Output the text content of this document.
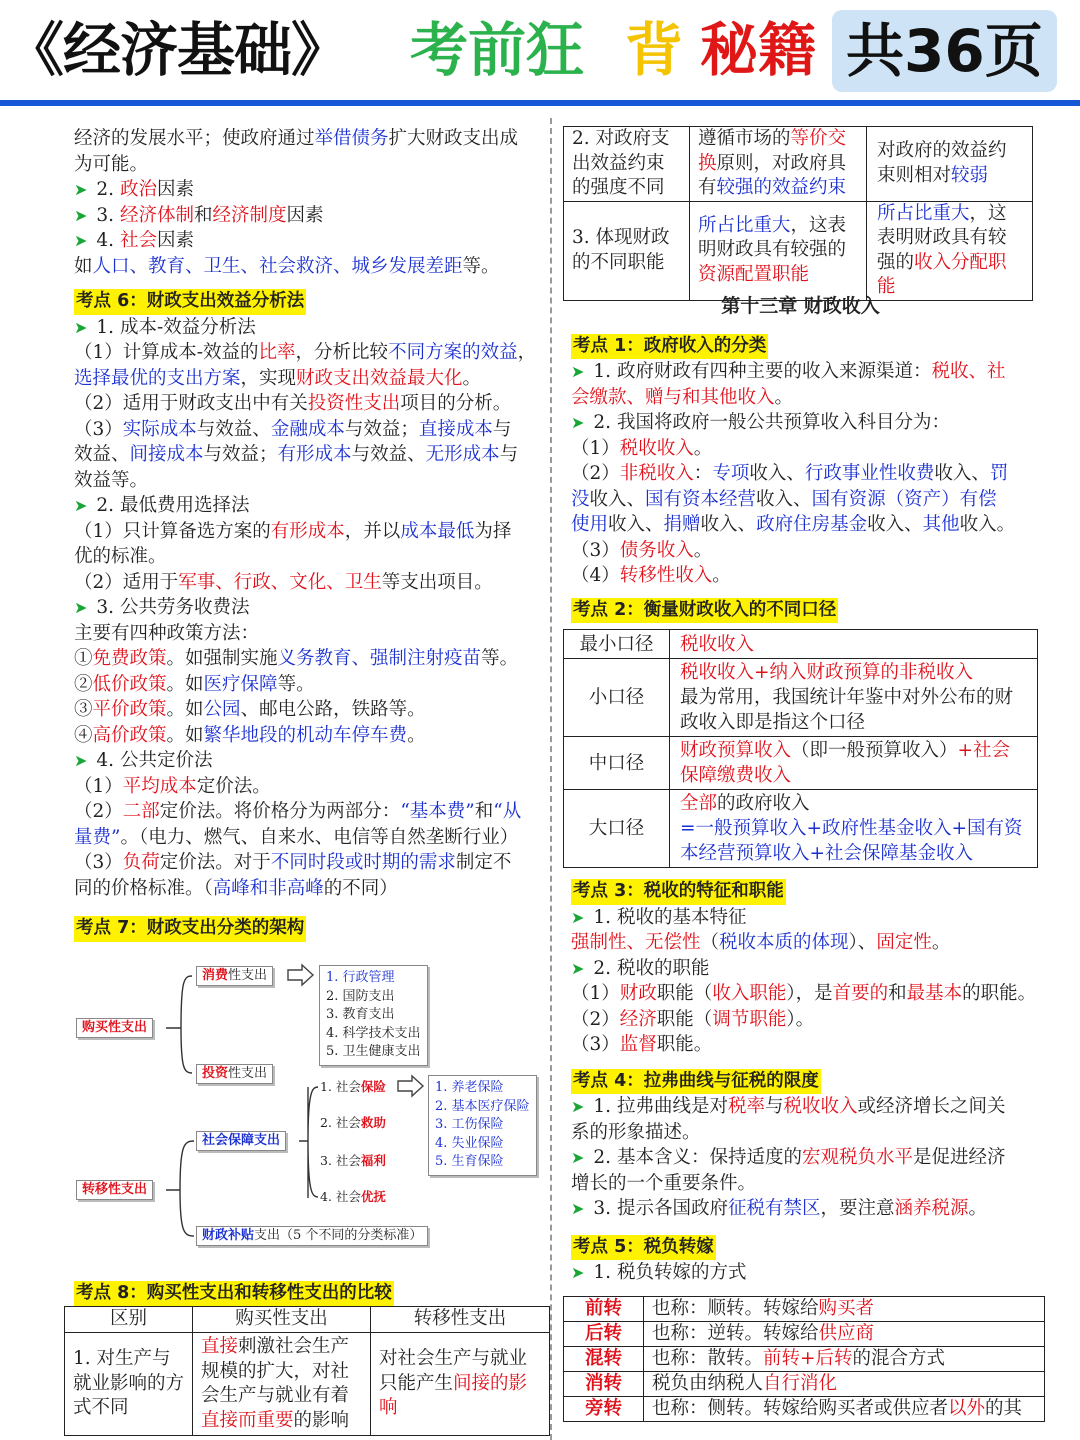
《经济基础》 考前狂 背 秘籍 共36页
经济的发展水平；使政府通过举借债务扩大财政支出成
为可能。
➤ 2. 政治因素
➤ 3. 经济体制和经济制度因素
➤ 4. 社会因素
如人口、教育、卫生、社会救济、城乡发展差距等。
考点 6：财政支出效益分析法
➤ 1. 成本-效益分析法
（1）计算成本-效益的比率，分析比较不同方案的效益，
选择最优的支出方案，实现财政支出效益最大化。
（2）适用于财政支出中有关投资性支出项目的分析。
（3）实际成本与效益、金融成本与效益；直接成本与
效益、间接成本与效益；有形成本与效益、无形成本与
效益等。
➤ 2. 最低费用选择法
（1）只计算备选方案的有形成本，并以成本最低为择
优的标准。
（2）适用于军事、行政、文化、卫生等支出项目。
➤ 3. 公共劳务收费法
主要有四种政策方法：
①免费政策。如强制实施义务教育、强制注射疫苗等。
②低价政策。如医疗保障等。
③平价政策。如公园、邮电公路，铁路等。
④高价政策。如繁华地段的机动车停车费。
➤ 4. 公共定价法
（1）平均成本定价法。
（2）二部定价法。将价格分为两部分：“基本费”和“从
量费”。（电力、燃气、自来水、电信等自然垄断行业）
（3）负荷定价法。对于不同时段或时期的需求制定不
同的价格标准。（高峰和非高峰的不同）
考点 7：财政支出分类的架构
购买性支出
转移性支出
消费性支出
投资性支出
1. 行政管理
2. 国防支出
3. 教育支出
4. 科学技术支出
5. 卫生健康支出
社会保障支出
1. 社会保险
2. 社会救助
3. 社会福利
4. 社会优抚
1. 养老保险
2. 基本医疗保险
3. 工伤保险
4. 失业保险
5. 生育保险
财政补贴支出（5 个不同的分类标准）
考点 8：购买性支出和转移性支出的比较
区别	购买性支出	转移性支出
1. 对生产与就业影响的方式不同	直接刺激社会生产规模的扩大，对社会生产与就业有着直接而重要的影响	对社会生产与就业只能产生间接的影响
2. 对政府支出效益约束的强度不同	遵循市场的等价交换原则，对政府具有较强的效益约束	对政府的效益约束则相对较弱
3. 体现财政的不同职能	所占比重大，这表明财政具有较强的资源配置职能	所占比重大，这表明财政具有较强的收入分配职能
第十三章 财政收入
考点 1：政府收入的分类
➤ 1. 政府财政有四种主要的收入来源渠道：税收、社
会缴款、赠与和其他收入。
➤ 2. 我国将政府一般公共预算收入科目分为：
（1）税收收入。
（2）非税收入：专项收入、行政事业性收费收入、罚
没收入、国有资本经营收入、国有资源（资产）有偿
使用收入、捐赠收入、政府住房基金收入、其他收入。
（3）债务收入。
（4）转移性收入。
考点 2：衡量财政收入的不同口径
最小口径	税收收入
小口径	税收收入+纳入财政预算的非税收入
最为常用，我国统计年鉴中对外公布的财政收入即是指这个口径

中口径	财政预算收入（即一般预算收入）+社会保障缴费收入
大口径	全部的政府收入
=一般预算收入+政府性基金收入+国有资本经营预算收入+社会保障基金收入
考点 3：税收的特征和职能
➤ 1. 税收的基本特征
强制性、无偿性（税收本质的体现）、固定性。
➤ 2. 税收的职能
（1）财政职能（收入职能），是首要的和最基本的职能。
（2）经济职能（调节职能）。
（3）监督职能。
考点 4：拉弗曲线与征税的限度
➤ 1. 拉弗曲线是对税率与税收收入或经济增长之间关
系的形象描述。
➤ 2. 基本含义：保持适度的宏观税负水平是促进经济
增长的一个重要条件。
➤ 3. 提示各国政府征税有禁区，要注意涵养税源。
考点 5：税负转嫁
➤ 1. 税负转嫁的方式
前转	也称：顺转。转嫁给购买者
后转	也称：逆转。转嫁给供应商
混转	也称：散转。前转+后转的混合方式
消转	税负由纳税人自行消化
旁转	也称：侧转。转嫁给购买者或供应者以外的其
